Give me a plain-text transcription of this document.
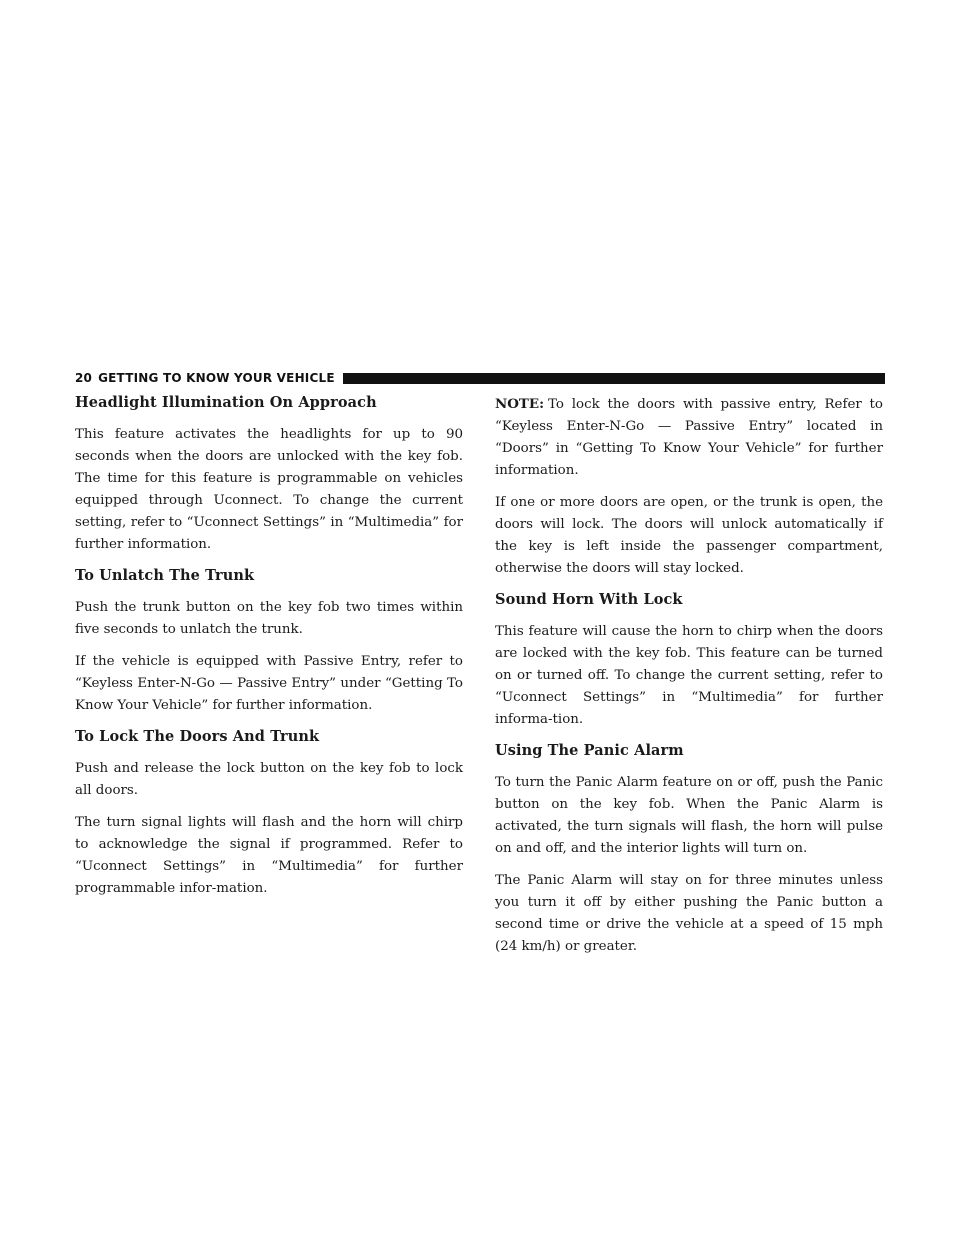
20 GETTING TO KNOW YOUR VEHICLE
Headlight Illumination On Approach

This feature activates the headlights for up to 90 seconds when the doors are unlocked with the key fob. The time for this feature is programmable on vehicles equipped through Uconnect. To change the current setting, refer to “Uconnect Settings” in “Multimedia” for further information.

To Unlatch The Trunk

Push the trunk button on the key fob two times within five seconds to unlatch the trunk.

If the vehicle is equipped with Passive Entry, refer to “Keyless Enter-N-Go — Passive Entry” under “Getting To Know Your Vehicle” for further information.

To Lock The Doors And Trunk

Push and release the lock button on the key fob to lock all doors.

The turn signal lights will flash and the horn will chirp to acknowledge the signal if programmed. Refer to “Uconnect Settings” in “Multimedia” for further programmable infor-mation.

NOTE: To lock the doors with passive entry, Refer to “Keyless Enter-N-Go — Passive Entry” located in “Doors” in “Getting To Know Your Vehicle” for further information.

If one or more doors are open, or the trunk is open, the doors will lock. The doors will unlock automatically if the key is left inside the passenger compartment, otherwise the doors will stay locked.

Sound Horn With Lock

This feature will cause the horn to chirp when the doors are locked with the key fob. This feature can be turned on or turned off. To change the current setting, refer to “Uconnect Settings” in “Multimedia” for further informa-tion.

Using The Panic Alarm

To turn the Panic Alarm feature on or off, push the Panic button on the key fob. When the Panic Alarm is activated, the turn signals will flash, the horn will pulse on and off, and the interior lights will turn on.

The Panic Alarm will stay on for three minutes unless you turn it off by either pushing the Panic button a second time or drive the vehicle at a speed of 15 mph (24 km/h) or greater.
